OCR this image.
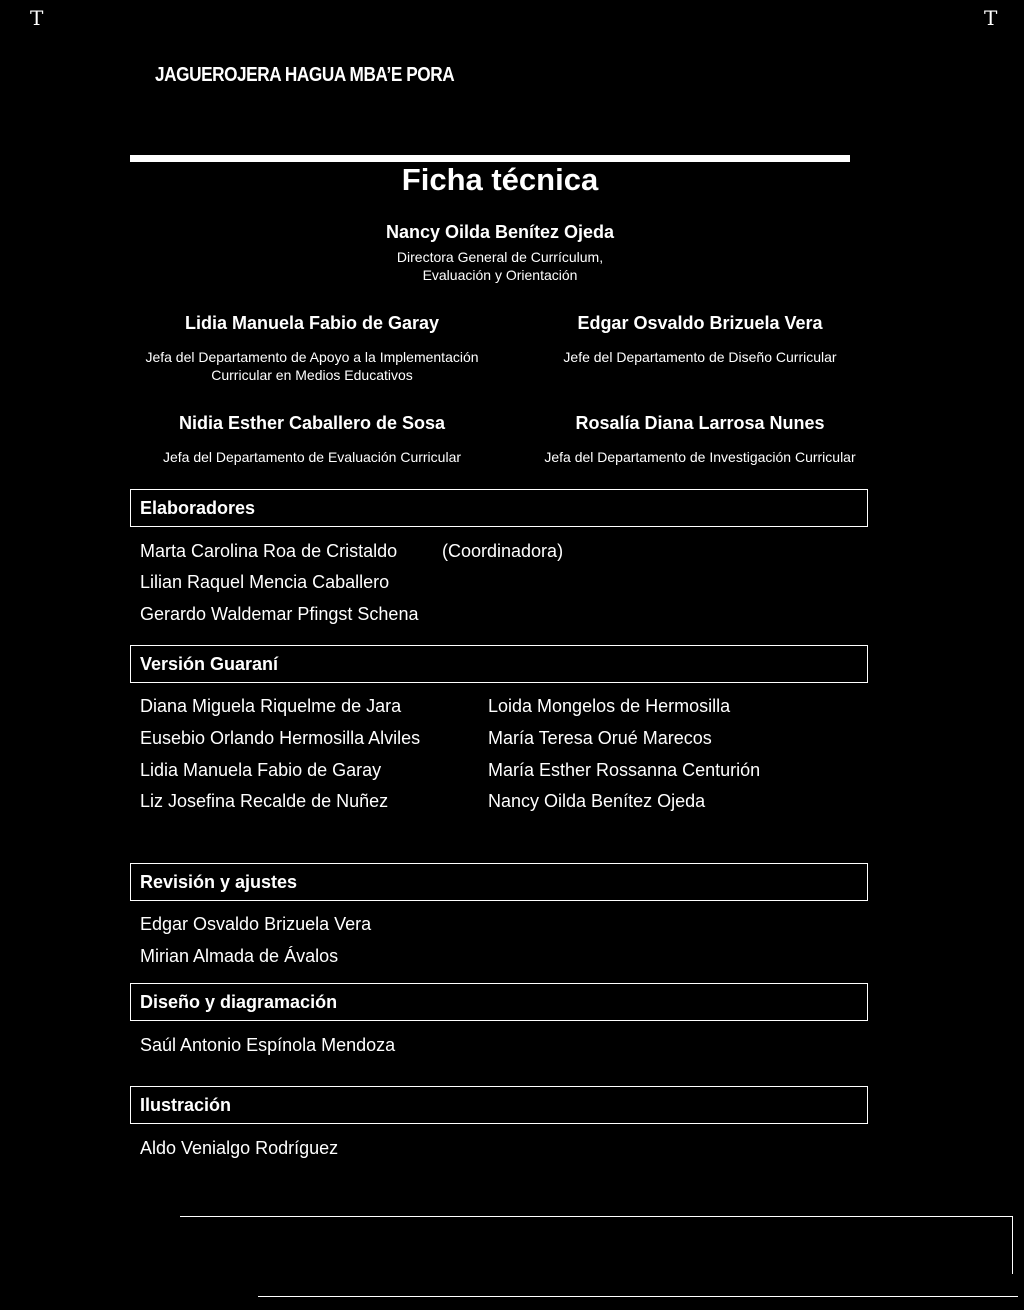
T	T
JAGUEROJERA HAGUA MBA’E PORA
Ficha técnica
Nancy Oilda Benítez Ojeda
Directora General de Currículum,
Evaluación y Orientación
Lidia Manuela Fabio de Garay
Jefa del Departamento de Apoyo a la Implementación
Curricular en Medios Educativos
Edgar Osvaldo Brizuela Vera
Jefe del Departamento de Diseño Curricular
Nidia Esther Caballero de Sosa
Jefa del Departamento de Evaluación Curricular
Rosalía Diana Larrosa Nunes
Jefa del Departamento de Investigación Curricular
Elaboradores
Marta Carolina Roa de Cristaldo (Coordinadora)
Lilian Raquel Mencia Caballero
Gerardo Waldemar Pfingst Schena
Versión Guaraní
Diana Miguela Riquelme de Jara
Eusebio Orlando Hermosilla Alviles
Lidia Manuela Fabio de Garay
Liz Josefina Recalde de Nuñez
Loida Mongelos de Hermosilla
María Teresa Orué Marecos
María Esther Rossanna Centurión
Nancy Oilda Benítez Ojeda
Revisión y ajustes
Edgar Osvaldo Brizuela Vera
Mirian Almada de Ávalos
Diseño y diagramación
Saúl Antonio Espínola Mendoza
Ilustración
Aldo Venialgo Rodríguez
